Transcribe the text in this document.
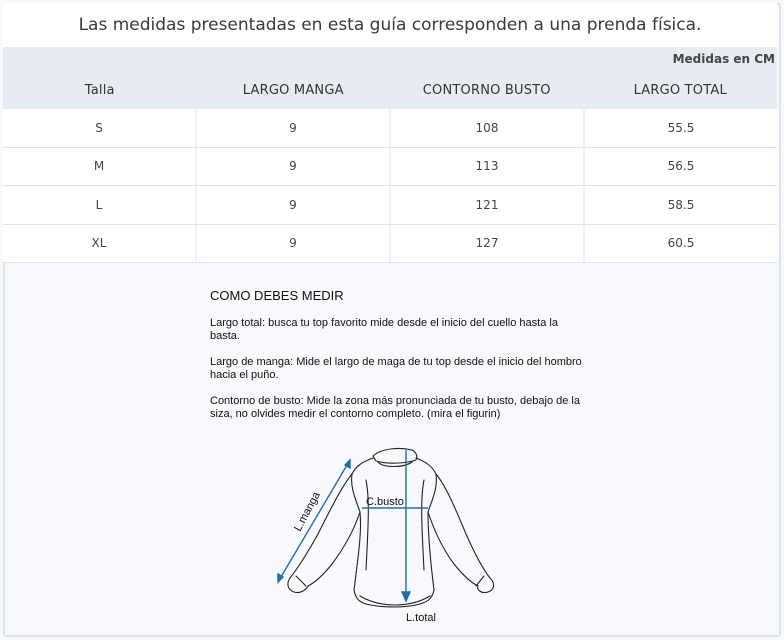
Las medidas presentadas en esta guía corresponden a una prenda física.
Medidas en CM
Talla	LARGO MANGA	CONTORNO BUSTO	LARGO TOTAL
S	9	108	55.5
M	9	113	56.5
L	9	121	58.5
XL	9	127	60.5
COMO DEBES MEDIR

Largo total: busca tu top favorito mide desde el inicio del cuello hasta la basta.

Largo de manga: Mide el largo de maga de tu top desde el inicio del hombro hacia el puño.

Contorno de busto: Mide la zona más pronunciada de tu busto, debajo de la siza, no olvides medir el contorno completo. (mira el figurin)

L.manga	C.busto
L.total
